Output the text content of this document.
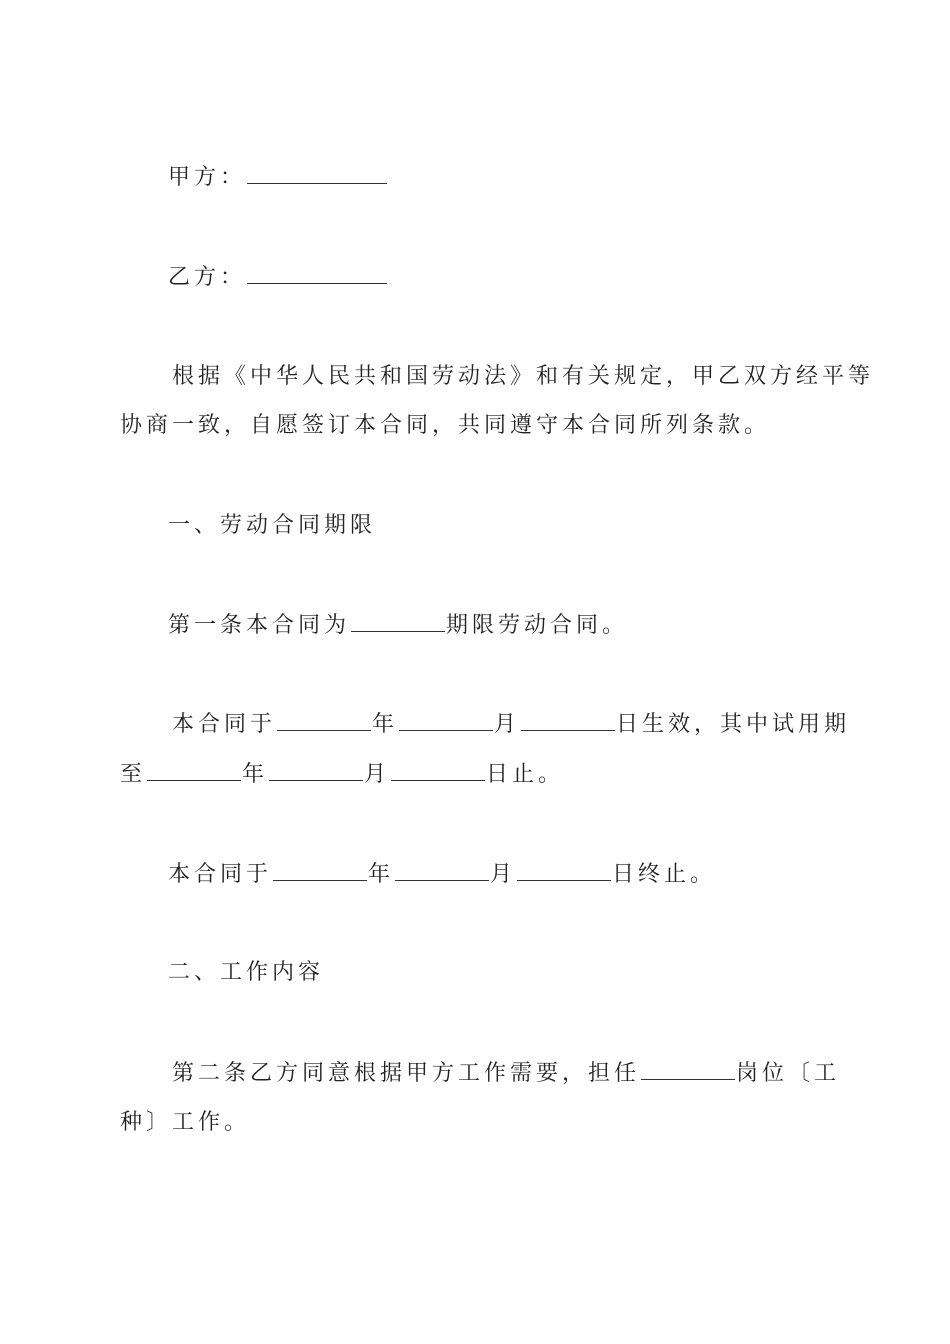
甲方：
乙方：
根据《中华人民共和国劳动法》和有关规定，甲乙双方经平等
协商一致，自愿签订本合同，共同遵守本合同所列条款。
一、劳动合同期限
第一条本合同为	期限劳动合同。
本合同于	年	月	日生效，其中试用期
至	年	月	日止。
本合同于	年	月	日终止。
二、工作内容
第二条乙方同意根据甲方工作需要，担任	岗位〔工
种〕工作。
